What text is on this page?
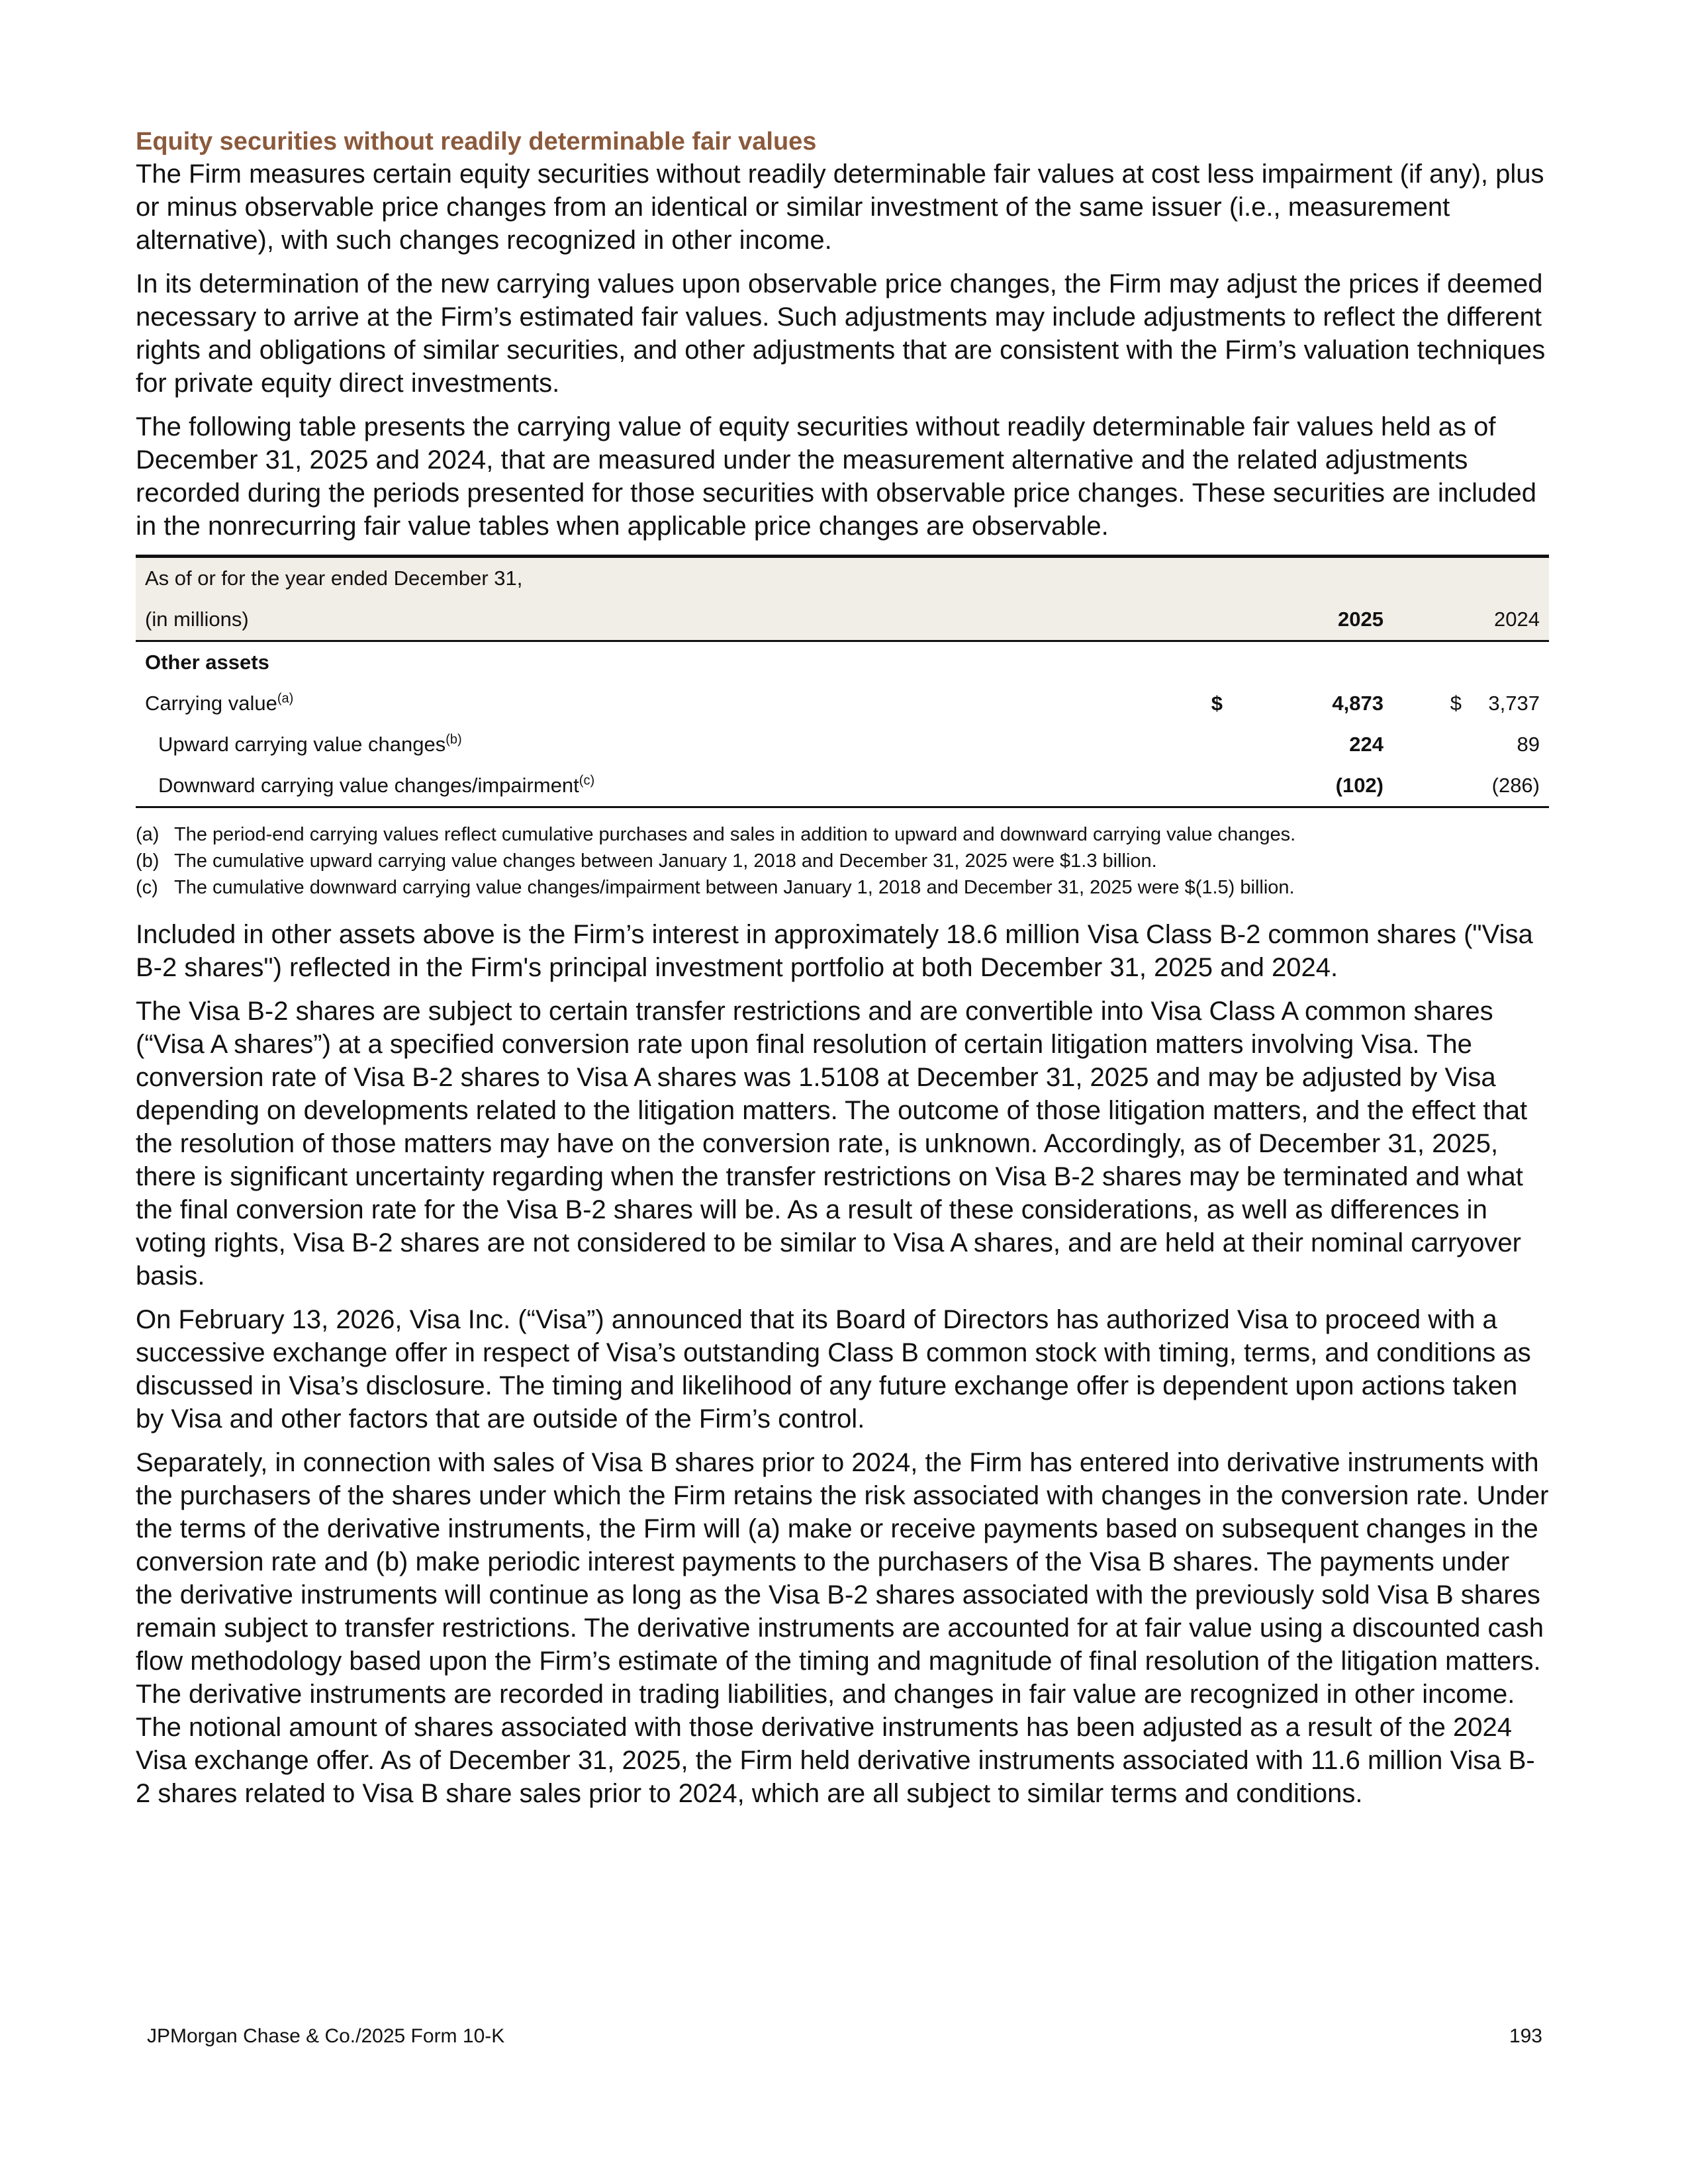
Equity securities without readily determinable fair values

The Firm measures certain equity securities without readily determinable fair values at cost less impairment (if any), plus or minus observable price changes from an identical or similar investment of the same issuer (i.e., measurement alternative), with such changes recognized in other income.

In its determination of the new carrying values upon observable price changes, the Firm may adjust the prices if deemed necessary to arrive at the Firm’s estimated fair values. Such adjustments may include adjustments to reflect the different rights and obligations of similar securities, and other adjustments that are consistent with the Firm’s valuation techniques for private equity direct investments.

The following table presents the carrying value of equity securities without readily determinable fair values held as of December 31, 2025 and 2024, that are measured under the measurement alternative and the related adjustments recorded during the periods presented for those securities with observable price changes. These securities are included in the nonrecurring fair value tables when applicable price changes are observable.

As of or for the year ended December 31,				
(in millions)		2025		2024
Other assets				
Carrying value$^{(a)}$	$	4,873	$	3,737
Upward carrying value changes$^{(b)}$		224		89
Downward carrying value changes/impairment$^{(c)}$		(102)		(286)
(a) The period-end carrying values reflect cumulative purchases and sales in addition to upward and downward carrying value changes.
(b) The cumulative upward carrying value changes between January 1, 2018 and December 31, 2025 were $1.3 billion.
(c) The cumulative downward carrying value changes/impairment between January 1, 2018 and December 31, 2025 were $(1.5) billion.

Included in other assets above is the Firm’s interest in approximately 18.6 million Visa Class B-2 common shares ("Visa B-2 shares") reflected in the Firm's principal investment portfolio at both December 31, 2025 and 2024.

The Visa B-2 shares are subject to certain transfer restrictions and are convertible into Visa Class A common shares (“Visa A shares”) at a specified conversion rate upon final resolution of certain litigation matters involving Visa. The conversion rate of Visa B-2 shares to Visa A shares was 1.5108 at December 31, 2025 and may be adjusted by Visa depending on developments related to the litigation matters. The outcome of those litigation matters, and the effect that the resolution of those matters may have on the conversion rate, is unknown. Accordingly, as of December 31, 2025, there is significant uncertainty regarding when the transfer restrictions on Visa B-2 shares may be terminated and what the final conversion rate for the Visa B-2 shares will be. As a result of these considerations, as well as differences in voting rights, Visa B-2 shares are not considered to be similar to Visa A shares, and are held at their nominal carryover basis.

On February 13, 2026, Visa Inc. (“Visa”) announced that its Board of Directors has authorized Visa to proceed with a successive exchange offer in respect of Visa’s outstanding Class B common stock with timing, terms, and conditions as discussed in Visa’s disclosure. The timing and likelihood of any future exchange offer is dependent upon actions taken by Visa and other factors that are outside of the Firm’s control.

Separately, in connection with sales of Visa B shares prior to 2024, the Firm has entered into derivative instruments with the purchasers of the shares under which the Firm retains the risk associated with changes in the conversion rate. Under the terms of the derivative instruments, the Firm will (a) make or receive payments based on subsequent changes in the conversion rate and (b) make periodic interest payments to the purchasers of the Visa B shares. The payments under the derivative instruments will continue as long as the Visa B-2 shares associated with the previously sold Visa B shares remain subject to transfer restrictions. The derivative instruments are accounted for at fair value using a discounted cash flow methodology based upon the Firm’s estimate of the timing and magnitude of final resolution of the litigation matters. The derivative instruments are recorded in trading liabilities, and changes in fair value are recognized in other income. The notional amount of shares associated with those derivative instruments has been adjusted as a result of the 2024 Visa exchange offer. As of December 31, 2025, the Firm held derivative instruments associated with 11.6 million Visa B-2 shares related to Visa B share sales prior to 2024, which are all subject to similar terms and conditions.

JPMorgan Chase & Co./2025 Form 10-K	193
